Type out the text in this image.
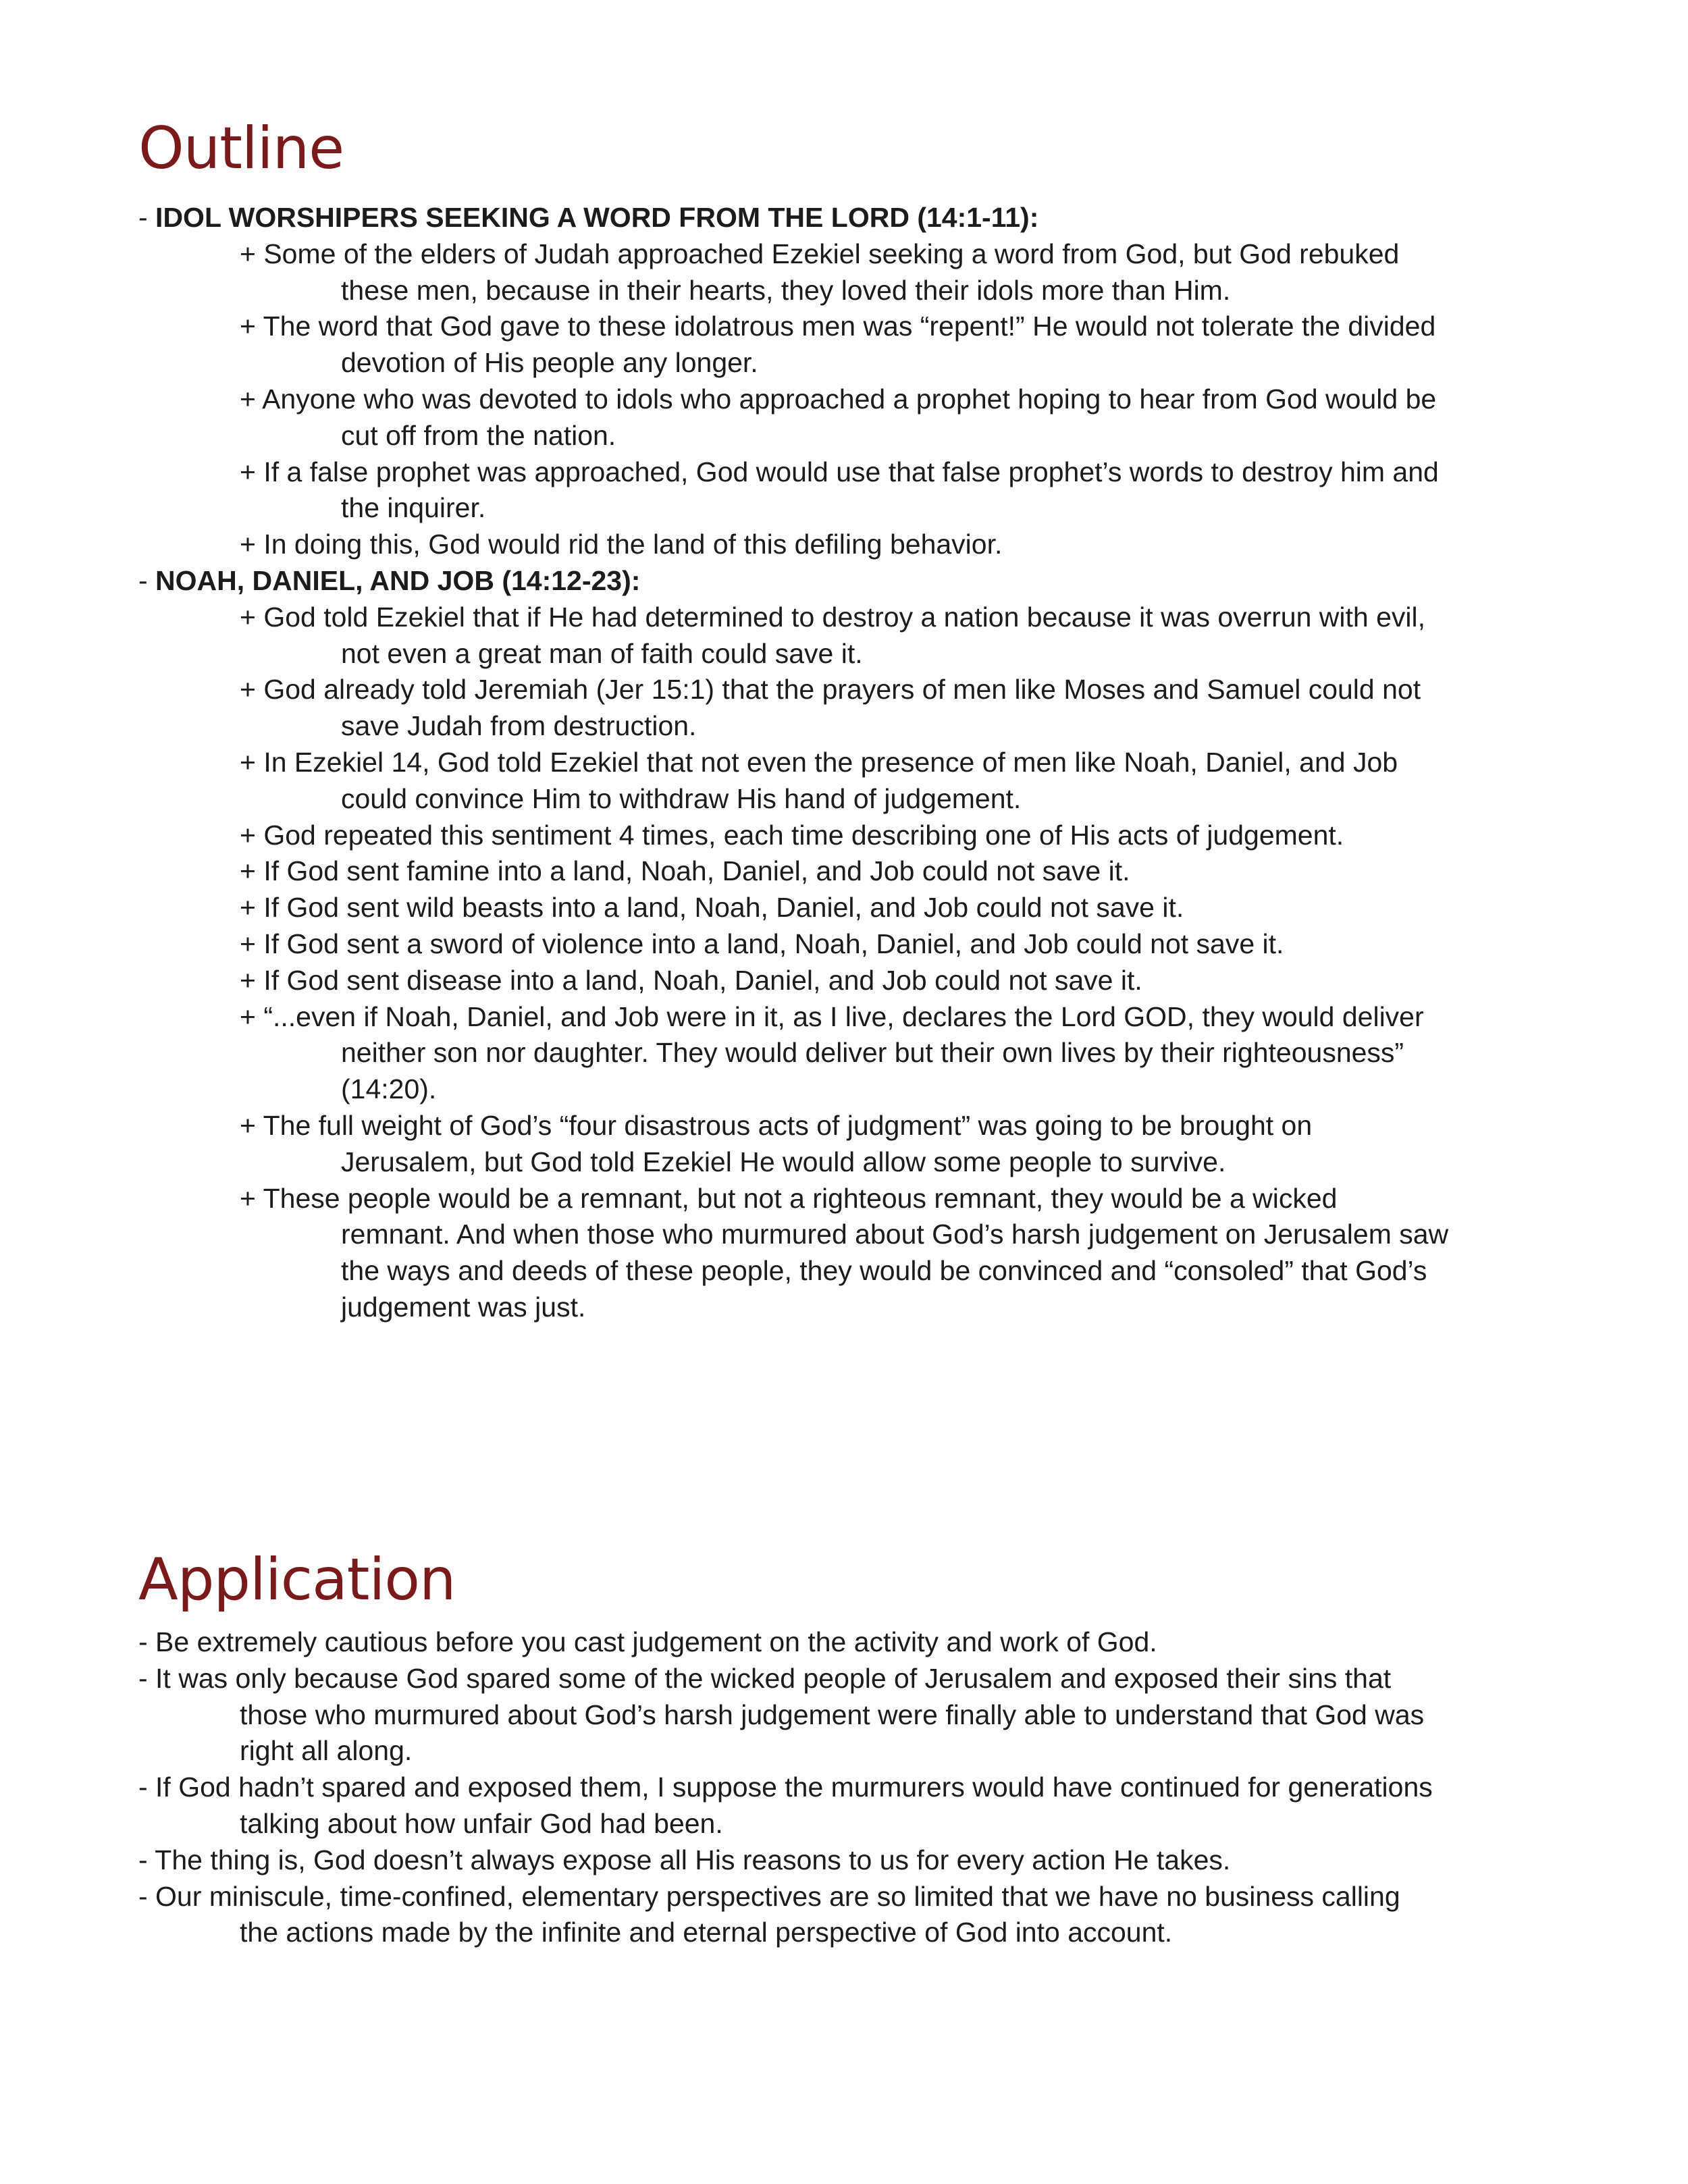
Outline
- IDOL WORSHIPERS SEEKING A WORD FROM THE LORD (14:1-11):
+ Some of the elders of Judah approached Ezekiel seeking a word from God, but God rebuked
these men, because in their hearts, they loved their idols more than Him.
+ The word that God gave to these idolatrous men was “repent!” He would not tolerate the divided
devotion of His people any longer.
+ Anyone who was devoted to idols who approached a prophet hoping to hear from God would be
cut off from the nation.
+ If a false prophet was approached, God would use that false prophet’s words to destroy him and
the inquirer.
+ In doing this, God would rid the land of this defiling behavior.
- NOAH, DANIEL, AND JOB (14:12-23):
+ God told Ezekiel that if He had determined to destroy a nation because it was overrun with evil,
not even a great man of faith could save it.
+ God already told Jeremiah (Jer 15:1) that the prayers of men like Moses and Samuel could not
save Judah from destruction.
+ In Ezekiel 14, God told Ezekiel that not even the presence of men like Noah, Daniel, and Job
could convince Him to withdraw His hand of judgement.
+ God repeated this sentiment 4 times, each time describing one of His acts of judgement.
+ If God sent famine into a land, Noah, Daniel, and Job could not save it.
+ If God sent wild beasts into a land, Noah, Daniel, and Job could not save it.
+ If God sent a sword of violence into a land, Noah, Daniel, and Job could not save it.
+ If God sent disease into a land, Noah, Daniel, and Job could not save it.
+ “...even if Noah, Daniel, and Job were in it, as I live, declares the Lord GOD, they would deliver
neither son nor daughter. They would deliver but their own lives by their righteousness”
(14:20).
+ The full weight of God’s “four disastrous acts of judgment” was going to be brought on
Jerusalem, but God told Ezekiel He would allow some people to survive.
+ These people would be a remnant, but not a righteous remnant, they would be a wicked
remnant. And when those who murmured about God’s harsh judgement on Jerusalem saw
the ways and deeds of these people, they would be convinced and “consoled” that God’s
judgement was just.
Application
- Be extremely cautious before you cast judgement on the activity and work of God.
- It was only because God spared some of the wicked people of Jerusalem and exposed their sins that
those who murmured about God’s harsh judgement were finally able to understand that God was
right all along.
- If God hadn’t spared and exposed them, I suppose the murmurers would have continued for generations
talking about how unfair God had been.
- The thing is, God doesn’t always expose all His reasons to us for every action He takes.
- Our miniscule, time-confined, elementary perspectives are so limited that we have no business calling
the actions made by the infinite and eternal perspective of God into account.
